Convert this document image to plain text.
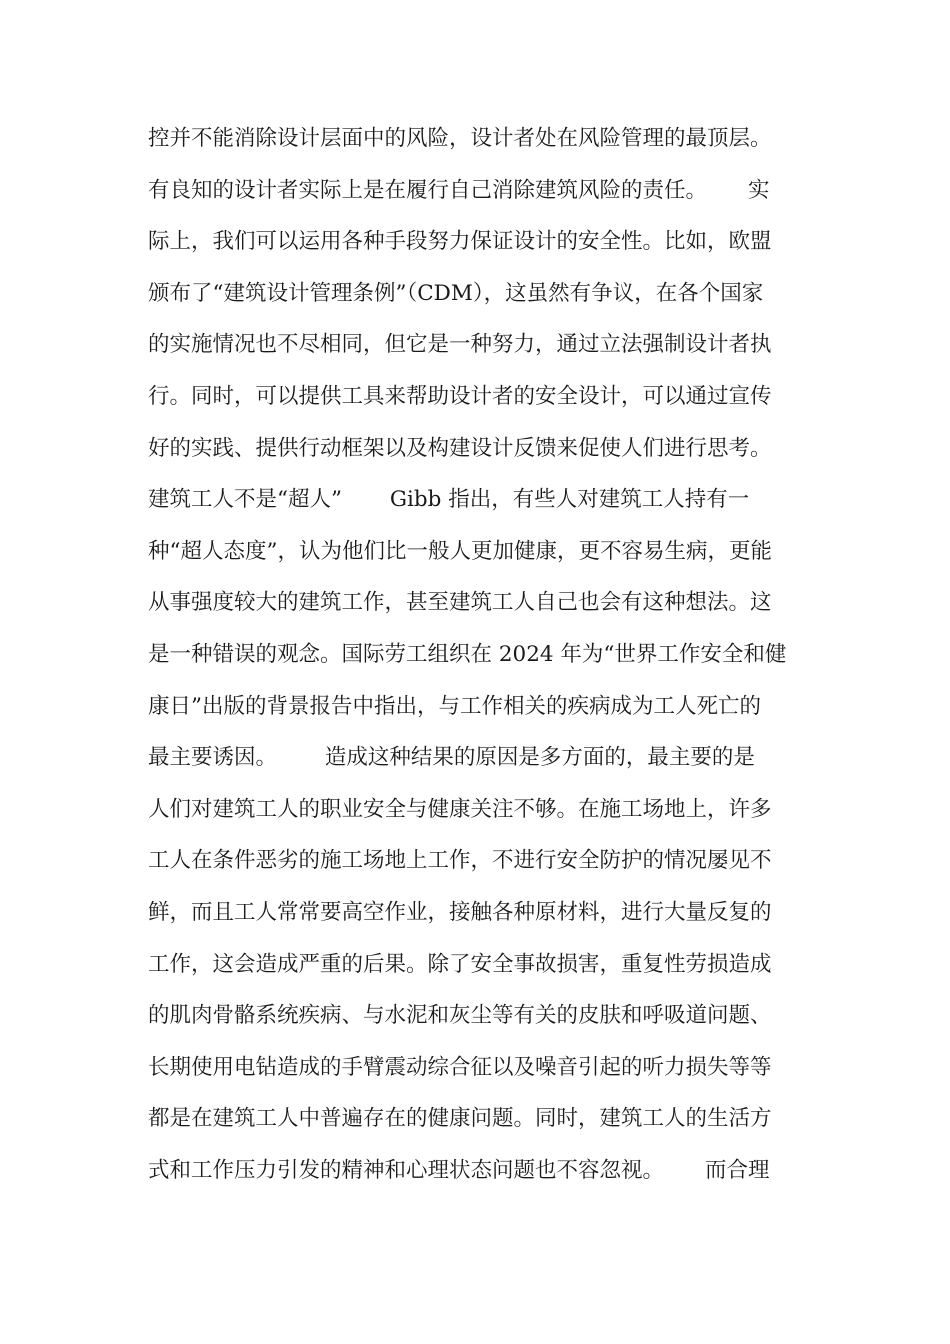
控并不能消除设计层面中的风险，设计者处在风险管理的最顶层。
有良知的设计者实际上是在履行自己消除建筑风险的责任。      实
际上，我们可以运用各种手段努力保证设计的安全性。比如，欧盟
颁布了“建筑设计管理条例”（CDM），这虽然有争议，在各个国家
的实施情况也不尽相同，但它是一种努力，通过立法强制设计者执
行。同时，可以提供工具来帮助设计者的安全设计，可以通过宣传
好的实践、提供行动框架以及构建设计反馈来促使人们进行思考。
建筑工人不是“超人”       Gibb 指出，有些人对建筑工人持有一
种“超人态度”，认为他们比一般人更加健康，更不容易生病，更能
从事强度较大的建筑工作，甚至建筑工人自己也会有这种想法。这
是一种错误的观念。国际劳工组织在 2024 年为“世界工作安全和健
康日”出版的背景报告中指出，与工作相关的疾病成为工人死亡的
最主要诱因。       造成这种结果的原因是多方面的，最主要的是
人们对建筑工人的职业安全与健康关注不够。在施工场地上，许多
工人在条件恶劣的施工场地上工作，不进行安全防护的情况屡见不
鲜，而且工人常常要高空作业，接触各种原材料，进行大量反复的
工作，这会造成严重的后果。除了安全事故损害，重复性劳损造成
的肌肉骨骼系统疾病、与水泥和灰尘等有关的皮肤和呼吸道问题、
长期使用电钻造成的手臂震动综合征以及噪音引起的听力损失等等
都是在建筑工人中普遍存在的健康问题。同时，建筑工人的生活方
式和工作压力引发的精神和心理状态问题也不容忽视。      而合理
